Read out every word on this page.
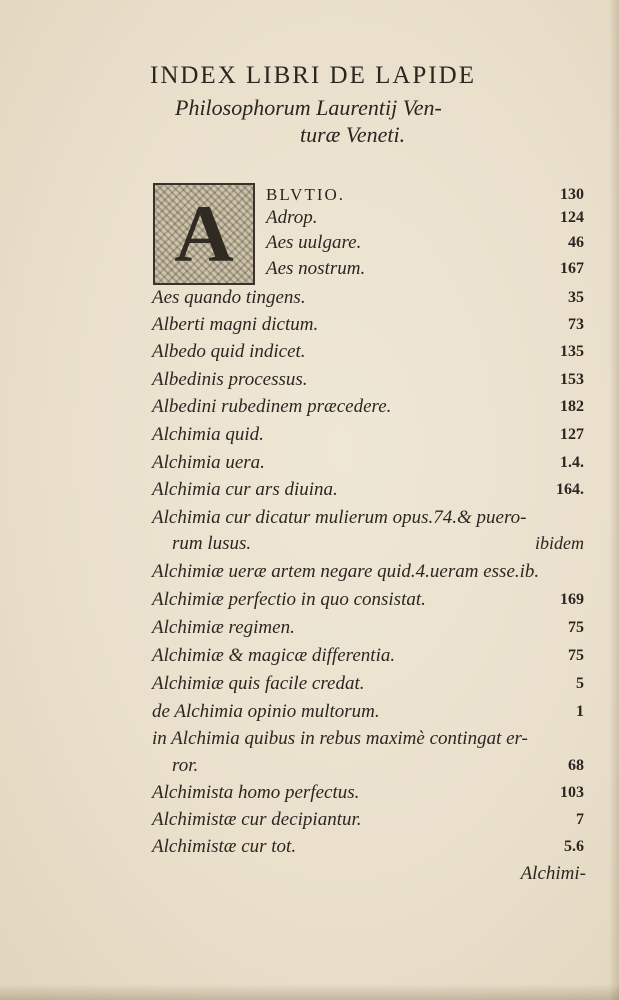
INDEX LIBRI DE LAPIDE
Philosophorum Laurentij Ven-
turæ Veneti.
A	BLVTIO.	130
Adrop.	124
Aes uulgare.	46
Aes nostrum.	167
Aes quando tingens.	35
Alberti magni dictum.	73
Albedo quid indicet.	135
Albedinis processus.	153
Albedini rubedinem præcedere.	182
Alchimia quid.	127
Alchimia uera.	1.4.
Alchimia cur ars diuina.	164.
Alchimia cur dicatur mulierum opus.74.& puero-
rum lusus.	ibidem
Alchimiæ ueræ artem negare quid.4.ueram esse.ib.
Alchimiæ perfectio in quo consistat.	169
Alchimiæ regimen.	75
Alchimiæ & magicæ differentia.	75
Alchimiæ quis facile credat.	5
de Alchimia opinio multorum.	1
in Alchimia quibus in rebus maximè contingat er-
ror.	68
Alchimista homo perfectus.	103
Alchimistæ cur decipiantur.	7
Alchimistæ cur tot.	5.6
Alchimi-
